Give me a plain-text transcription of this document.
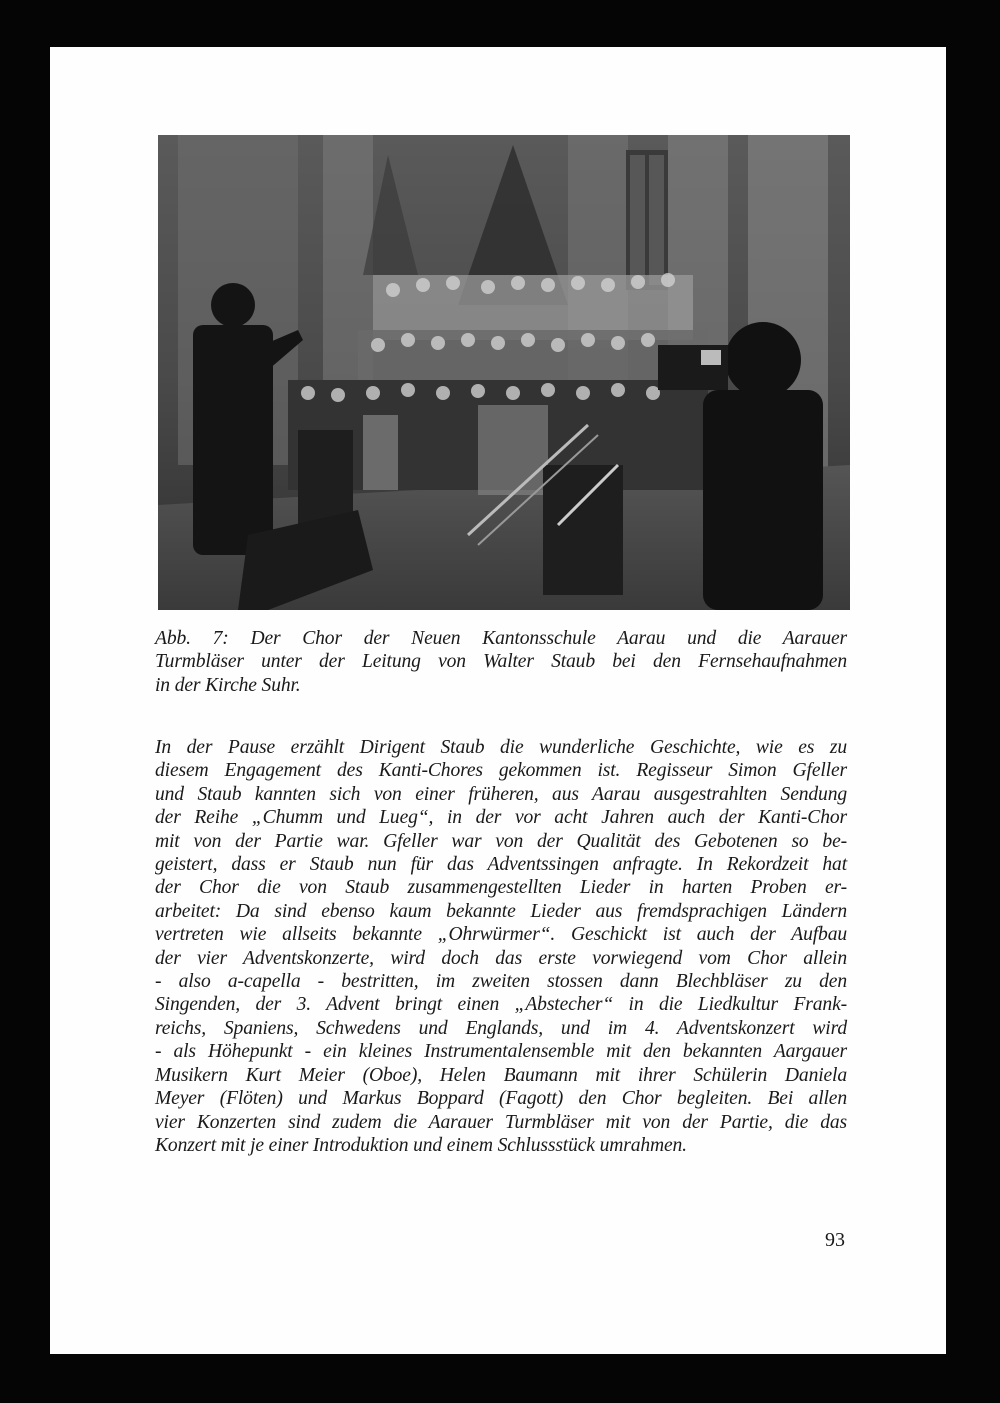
Abb. 7: Der Chor der Neuen Kantonsschule Aarau und die Aarauer
Turmbläser unter der Leitung von Walter Staub bei den Fernsehaufnahmen
in der Kirche Suhr.
In der Pause erzählt Dirigent Staub die wunderliche Geschichte, wie es zu
diesem Engagement des Kanti-Chores gekommen ist. Regisseur Simon Gfeller
und Staub kannten sich von einer früheren, aus Aarau ausgestrahlten Sendung
der Reihe „Chumm und Lueg“, in der vor acht Jahren auch der Kanti-Chor
mit von der Partie war. Gfeller war von der Qualität des Gebotenen so be-
geistert, dass er Staub nun für das Adventssingen anfragte. In Rekordzeit hat
der Chor die von Staub zusammengestellten Lieder in harten Proben er-
arbeitet: Da sind ebenso kaum bekannte Lieder aus fremdsprachigen Ländern
vertreten wie allseits bekannte „Ohrwürmer“. Geschickt ist auch der Aufbau
der vier Adventskonzerte, wird doch das erste vorwiegend vom Chor allein
- also a-capella - bestritten, im zweiten stossen dann Blechbläser zu den
Singenden, der 3. Advent bringt einen „Abstecher“ in die Liedkultur Frank-
reichs, Spaniens, Schwedens und Englands, und im 4. Adventskonzert wird
- als Höhepunkt - ein kleines Instrumentalensemble mit den bekannten Aargauer
Musikern Kurt Meier (Oboe), Helen Baumann mit ihrer Schülerin Daniela
Meyer (Flöten) und Markus Boppard (Fagott) den Chor begleiten. Bei allen
vier Konzerten sind zudem die Aarauer Turmbläser mit von der Partie, die das
Konzert mit je einer Introduktion und einem Schlussstück umrahmen.
93
